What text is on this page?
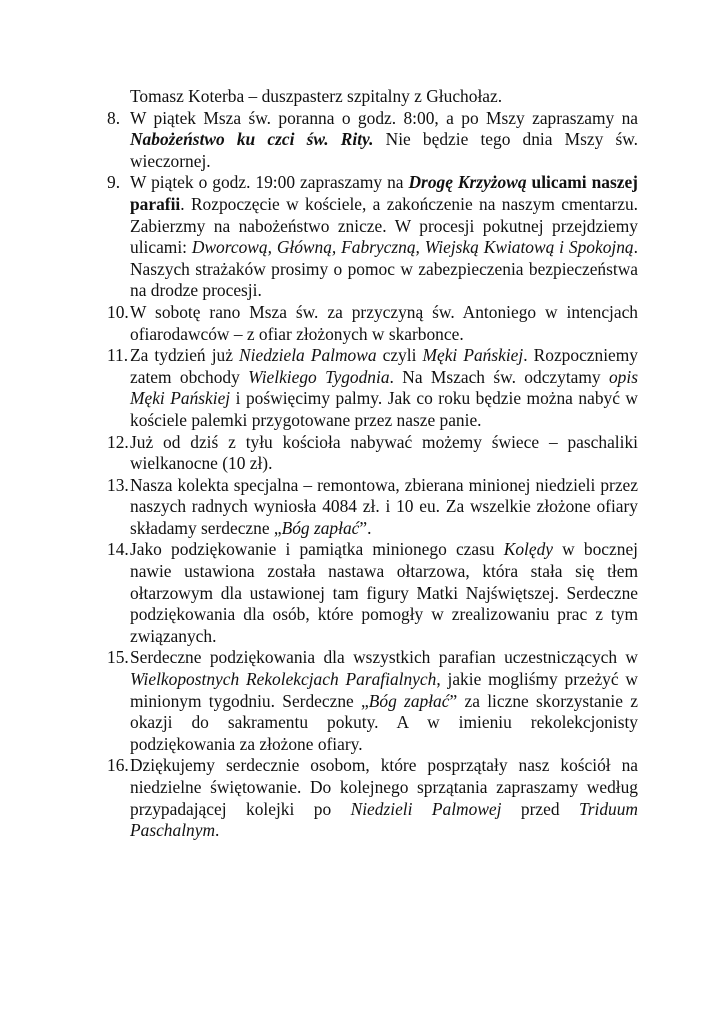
Tomasz Koterba – duszpasterz szpitalny z Głuchołaz.
8. W piątek Msza św. poranna o godz. 8:00, a po Mszy zapraszamy na Nabożeństwo ku czci św. Rity. Nie będzie tego dnia Mszy św. wieczornej.
9. W piątek o godz. 19:00 zapraszamy na Drogę Krzyżową ulicami naszej parafii. Rozpoczęcie w kościele, a zakończenie na naszym cmentarzu. Zabierzmy na nabożeństwo znicze. W procesji pokutnej przejdziemy ulicami: Dworcową, Główną, Fabryczną, Wiejską Kwiatową i Spokojną. Naszych strażaków prosimy o pomoc w zabezpieczenia bezpieczeństwa na drodze procesji.
10. W sobotę rano Msza św. za przyczyną św. Antoniego w intencjach ofiarodawców – z ofiar złożonych w skarbonce.
11. Za tydzień już Niedziela Palmowa czyli Męki Pańskiej. Rozpoczniemy zatem obchody Wielkiego Tygodnia. Na Mszach św. odczytamy opis Męki Pańskiej i poświęcimy palmy. Jak co roku będzie można nabyć w kościele palemki przygotowane przez nasze panie.
12. Już od dziś z tyłu kościoła nabywać możemy świece – paschaliki wielkanocne (10 zł).
13. Nasza kolekta specjalna – remontowa, zbierana minionej niedzieli przez naszych radnych wyniosła 4084 zł. i 10 eu. Za wszelkie złożone ofiary składamy serdeczne „Bóg zapłać”.
14. Jako podziękowanie i pamiątka minionego czasu Kolędy w bocznej nawie ustawiona została nastawa ołtarzowa, która stała się tłem ołtarzowym dla ustawionej tam figury Matki Najświętszej. Serdeczne podziękowania dla osób, które pomogły w zrealizowaniu prac z tym związanych.
15. Serdeczne podziękowania dla wszystkich parafian uczestniczących w Wielkopostnych Rekolekcjach Parafialnych, jakie mogliśmy przeżyć w minionym tygodniu. Serdeczne „Bóg zapłać” za liczne skorzystanie z okazji do sakramentu pokuty. A w imieniu rekolekcjonisty podziękowania za złożone ofiary.
16. Dziękujemy serdecznie osobom, które posprzątały nasz kościół na niedzielne świętowanie. Do kolejnego sprzątania zapraszamy według przypadającej kolejki po Niedzieli Palmowej przed Triduum Paschalnym.
